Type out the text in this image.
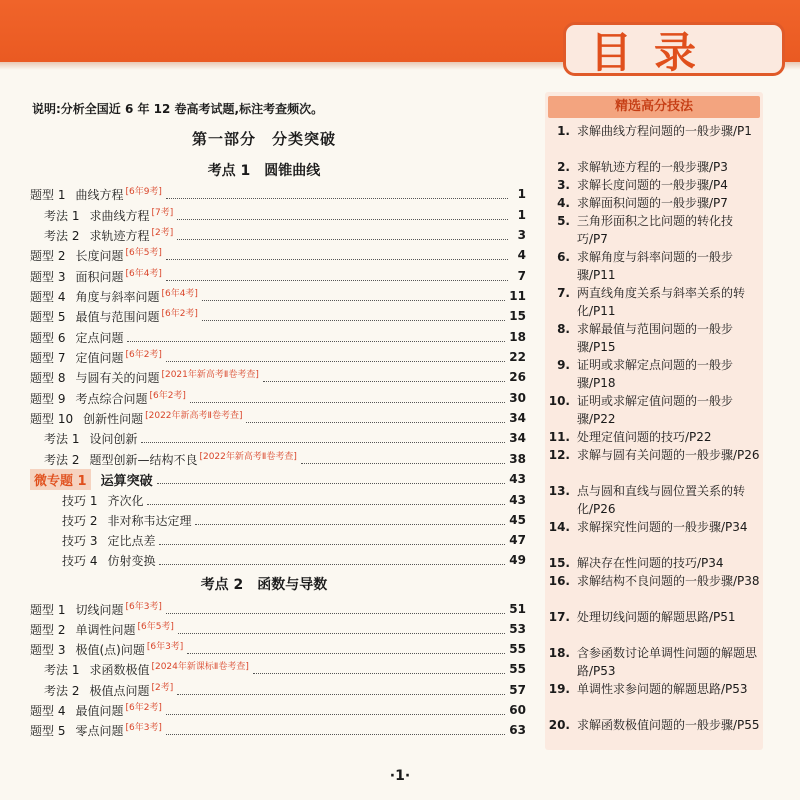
目录
说明:分析全国近 6 年 12 卷高考试题,标注考查频次。
第一部分　分类突破
考点 1　圆锥曲线
题型 1 曲线方程 [6年9考]	1
考法 1 求曲线方程 [7考]	1
考法 2 求轨迹方程 [2考]	3
题型 2 长度问题 [6年5考]	4
题型 3 面积问题 [6年4考]	7
题型 4 角度与斜率问题 [6年4考]	11
题型 5 最值与范围问题 [6年2考]	15
题型 6 定点问题	18
题型 7 定值问题 [6年2考]	22
题型 8 与圆有关的问题 [2021年新高考Ⅱ卷考查]	26
题型 9 考点综合问题 [6年2考]	30
题型 10 创新性问题 [2022年新高考Ⅱ卷考查]	34
考法 1 设问创新	34
考法 2 题型创新—结构不良 [2022年新高考Ⅱ卷考查]	38
微专题 1	运算突破	43
技巧 1 齐次化	43
技巧 2 非对称韦达定理	45
技巧 3 定比点差	47
技巧 4 仿射变换	49
考点 2　函数与导数
题型 1 切线问题 [6年3考]	51
题型 2 单调性问题 [6年5考]	53
题型 3 极值(点)问题 [6年3考]	55
考法 1 求函数极值 [2024年新课标Ⅱ卷考查]	55
考法 2 极值点问题 [2考]	57
题型 4 最值问题 [6年2考]	60
题型 5 零点问题 [6年3考]	63
精选高分技法
1. 求解曲线方程问题的一般步骤/P1
2. 求解轨迹方程的一般步骤/P3
3. 求解长度问题的一般步骤/P4
4. 求解面积问题的一般步骤/P7
5. 三角形面积之比问题的转化技巧/P7
6. 求解角度与斜率问题的一般步骤/P11
7. 两直线角度关系与斜率关系的转化/P11
8. 求解最值与范围问题的一般步骤/P15
9. 证明或求解定点问题的一般步骤/P18
10. 证明或求解定值问题的一般步骤/P22
11. 处理定值问题的技巧/P22
12. 求解与圆有关问题的一般步骤/P26
13. 点与圆和直线与圆位置关系的转化/P26
14. 求解探究性问题的一般步骤/P34
15. 解决存在性问题的技巧/P34
16. 求解结构不良问题的一般步骤/P38
17. 处理切线问题的解题思路/P51
18. 含参函数讨论单调性问题的解题思路/P53
19. 单调性求参问题的解题思路/P53
20. 求解函数极值问题的一般步骤/P55
·1·
